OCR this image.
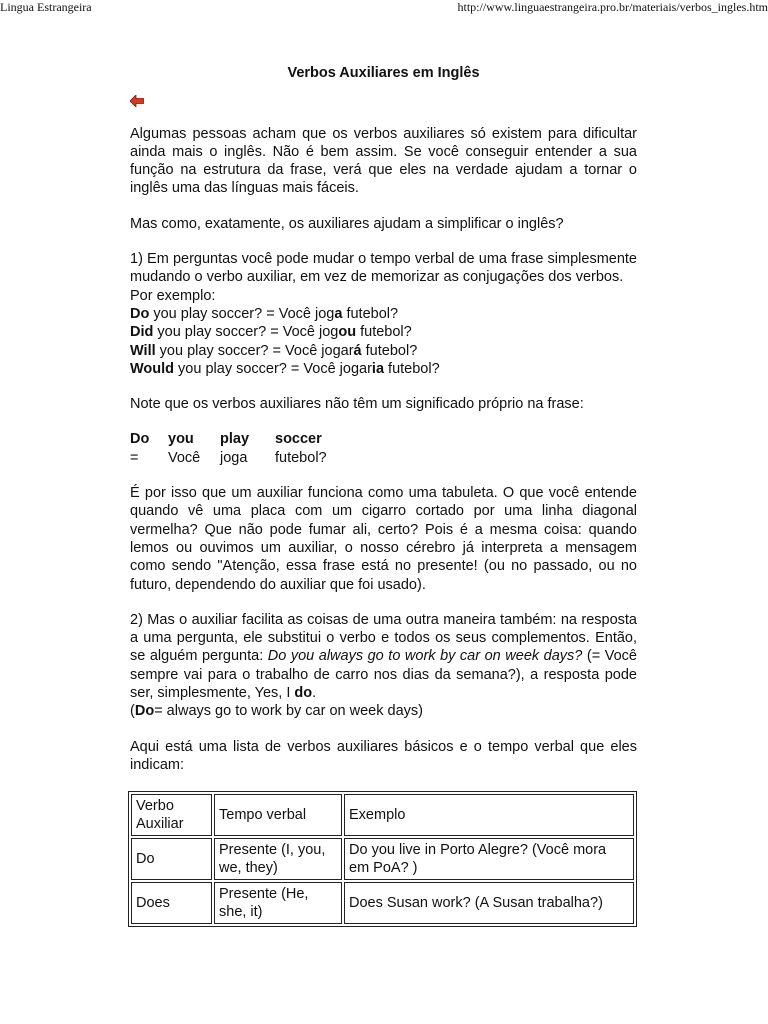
Lingua Estrangeira	http://www.linguaestrangeira.pro.br/materiais/verbos_ingles.htm
Verbos Auxiliares em Inglês

Algumas pessoas acham que os verbos auxiliares só existem para dificultar ainda mais o inglês. Não é bem assim. Se você conseguir entender a sua função na estrutura da frase, verá que eles na verdade ajudam a tornar o inglês uma das línguas mais fáceis.

Mas como, exatamente, os auxiliares ajudam a simplificar o inglês?

1) Em perguntas você pode mudar o tempo verbal de uma frase simplesmente mudando o verbo auxiliar, em vez de memorizar as conjugações dos verbos.
Por exemplo:
Do you play soccer? = Você joga futebol?
Did you play soccer? = Você jogou futebol?
Will you play soccer? = Você jogará futebol?
Would you play soccer? = Você jogaria futebol?

Note que os verbos auxiliares não têm um significado próprio na frase:

Do	you	play	soccer
=	Você	joga	futebol?

É por isso que um auxiliar funciona como uma tabuleta. O que você entende quando vê uma placa com um cigarro cortado por uma linha diagonal vermelha? Que não pode fumar ali, certo? Pois é a mesma coisa: quando lemos ou ouvimos um auxiliar, o nosso cérebro já interpreta a mensagem como sendo "Atenção, essa frase está no presente! (ou no passado, ou no futuro, dependendo do auxiliar que foi usado).

2) Mas o auxiliar facilita as coisas de uma outra maneira também: na resposta a uma pergunta, ele substitui o verbo e todos os seus complementos. Então, se alguém pergunta: Do you always go to work by car on week days? (= Você sempre vai para o trabalho de carro nos dias da semana?), a resposta pode ser, simplesmente, Yes, I do.
(Do= always go to work by car on week days)

Aqui está uma lista de verbos auxiliares básicos e o tempo verbal que eles indicam:

Verbo Auxiliar	Tempo verbal	Exemplo
Do	Presente (I, you, we, they)	Do you live in Porto Alegre? (Você mora em PoA? )
Does	Presente (He, she, it)	Does Susan work? (A Susan trabalha?)
